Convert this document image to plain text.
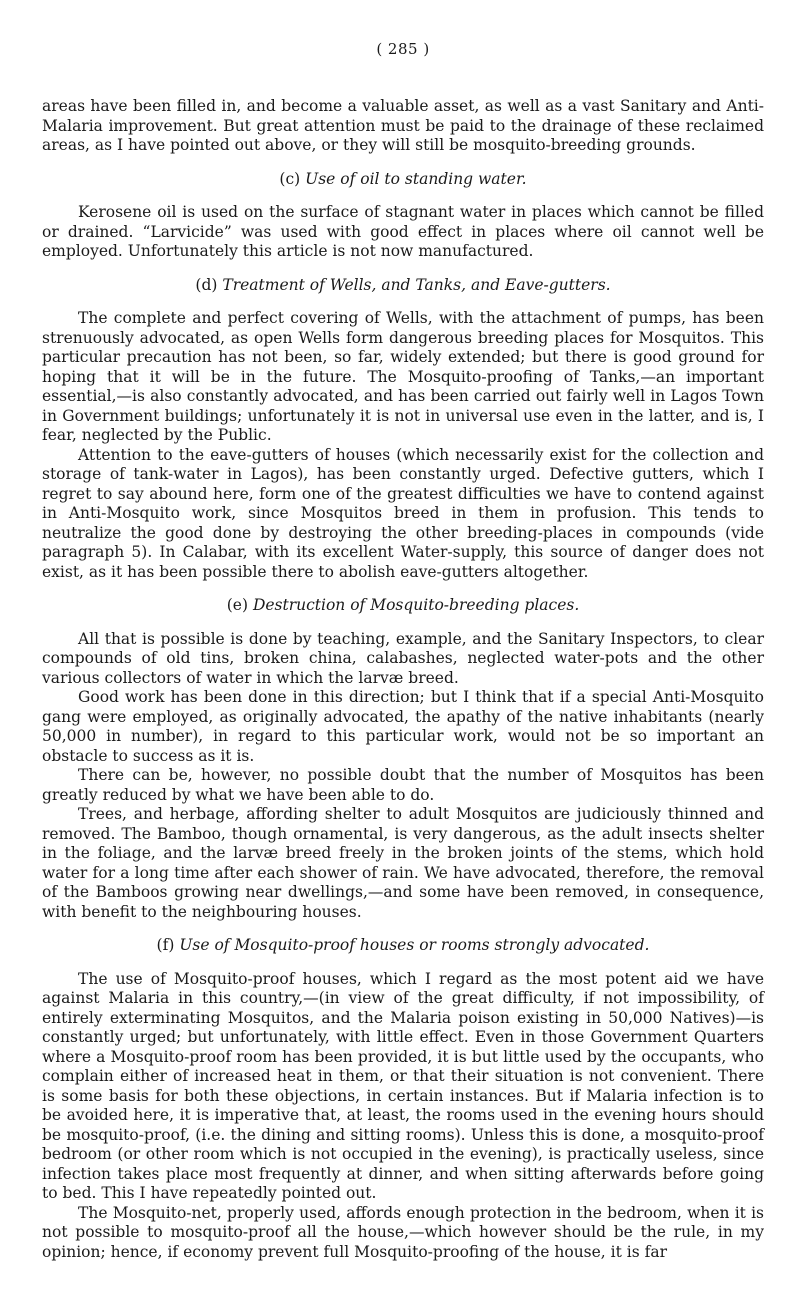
( 285 )

areas have been filled in, and become a valuable asset, as well as a vast Sanitary and Anti-Malaria improvement. But great attention must be paid to the drainage of these reclaimed areas, as I have pointed out above, or they will still be mosquito-breeding grounds.

(c) Use of oil to standing water.

Kerosene oil is used on the surface of stagnant water in places which cannot be filled or drained. “Larvicide” was used with good effect in places where oil cannot well be employed. Unfortunately this article is not now manufactured.

(d) Treatment of Wells, and Tanks, and Eave-gutters.

The complete and perfect covering of Wells, with the attachment of pumps, has been strenuously advocated, as open Wells form dangerous breeding places for Mosquitos. This particular precaution has not been, so far, widely extended; but there is good ground for hoping that it will be in the future. The Mosquito-proofing of Tanks,—an important essential,—is also constantly advocated, and has been carried out fairly well in Lagos Town in Government buildings; unfortunately it is not in universal use even in the latter, and is, I fear, neglected by the Public.

Attention to the eave-gutters of houses (which necessarily exist for the collection and storage of tank-water in Lagos), has been constantly urged. Defective gutters, which I regret to say abound here, form one of the greatest difficulties we have to contend against in Anti-Mosquito work, since Mosquitos breed in them in profusion. This tends to neutralize the good done by destroying the other breeding-places in compounds (vide paragraph 5). In Calabar, with its excellent Water-supply, this source of danger does not exist, as it has been possible there to abolish eave-gutters altogether.

(e) Destruction of Mosquito-breeding places.

All that is possible is done by teaching, example, and the Sanitary Inspectors, to clear compounds of old tins, broken china, calabashes, neglected water-pots and the other various collectors of water in which the larvæ breed.

Good work has been done in this direction; but I think that if a special Anti-Mosquito gang were employed, as originally advocated, the apathy of the native inhabitants (nearly 50,000 in number), in regard to this particular work, would not be so important an obstacle to success as it is.

There can be, however, no possible doubt that the number of Mosquitos has been greatly reduced by what we have been able to do.

Trees, and herbage, affording shelter to adult Mosquitos are judiciously thinned and removed. The Bamboo, though ornamental, is very dangerous, as the adult insects shelter in the foliage, and the larvæ breed freely in the broken joints of the stems, which hold water for a long time after each shower of rain. We have advocated, therefore, the removal of the Bamboos growing near dwellings,—and some have been removed, in consequence, with benefit to the neighbouring houses.

(f) Use of Mosquito-proof houses or rooms strongly advocated.

The use of Mosquito-proof houses, which I regard as the most potent aid we have against Malaria in this country,—(in view of the great difficulty, if not impossibility, of entirely exterminating Mosquitos, and the Malaria poison existing in 50,000 Natives)—is constantly urged; but unfortunately, with little effect. Even in those Government Quarters where a Mosquito-proof room has been provided, it is but little used by the occupants, who complain either of increased heat in them, or that their situation is not convenient. There is some basis for both these objections, in certain instances. But if Malaria infection is to be avoided here, it is imperative that, at least, the rooms used in the evening hours should be mosquito-proof, (i.e. the dining and sitting rooms). Unless this is done, a mosquito-proof bedroom (or other room which is not occupied in the evening), is practically useless, since infection takes place most frequently at dinner, and when sitting afterwards before going to bed. This I have repeatedly pointed out.

The Mosquito-net, properly used, affords enough protection in the bedroom, when it is not possible to mosquito-proof all the house,—which however should be the rule, in my opinion; hence, if economy prevent full Mosquito-proofing of the house, it is far
